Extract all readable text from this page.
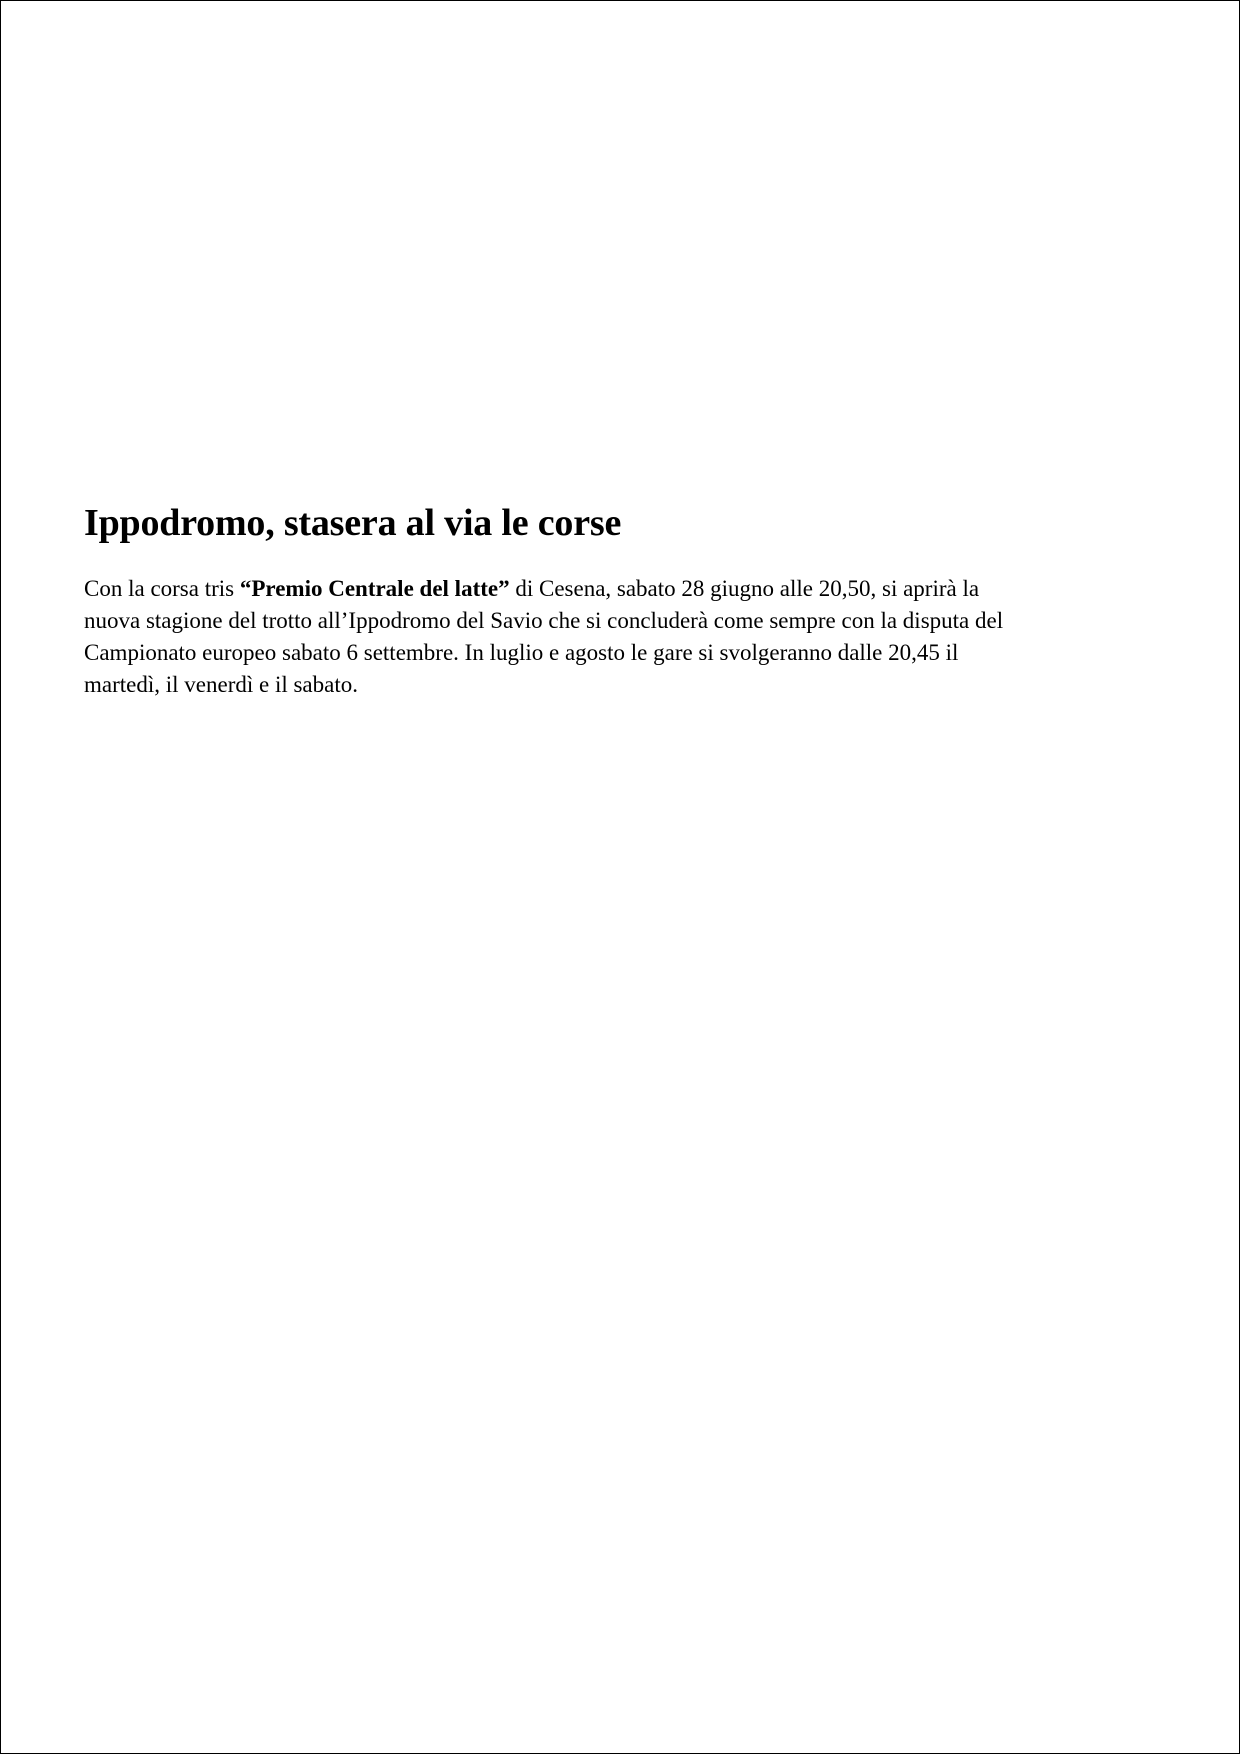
Ippodromo, stasera al via le corse

Con la corsa tris “Premio Centrale del latte” di Cesena, sabato 28 giugno alle 20,50, si aprirà la
nuova stagione del trotto all’Ippodromo del Savio che si concluderà come sempre con la disputa del
Campionato europeo sabato 6 settembre. In luglio e agosto le gare si svolgeranno dalle 20,45 il
martedì, il venerdì e il sabato.
